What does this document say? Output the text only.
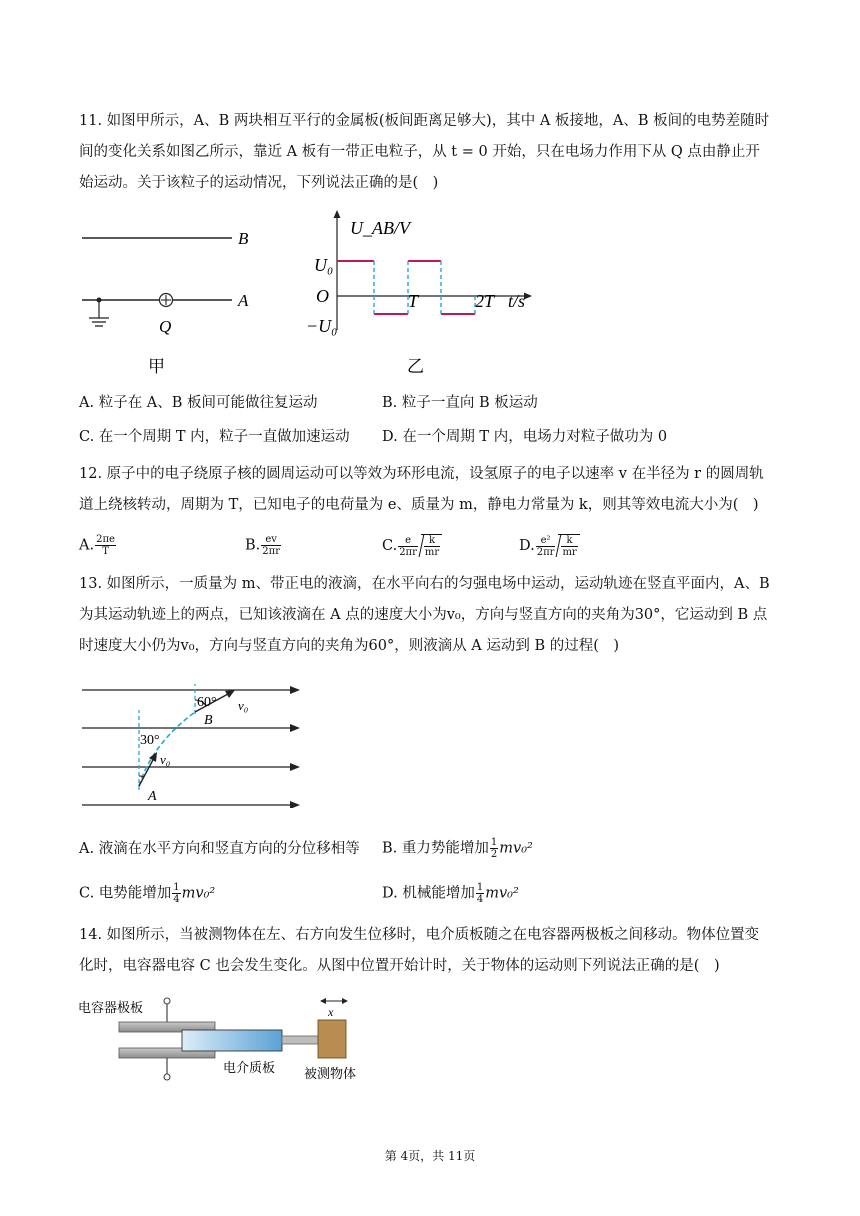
11. 如图甲所示，A、B 两块相互平行的金属板(板间距离足够大)，其中 A 板接地，A、B 板间的电势差随时
间的变化关系如图乙所示，靠近 A 板有一带正电粒子，从 t = 0 开始，只在电场力作用下从 Q 点由静止开
始运动。关于该粒子的运动情况，下列说法正确的是(　)
B
A
Q
甲
U_AB/V
U₀
−U₀
O	T	2T t/s
乙
A. 粒子在 A、B 板间可能做往复运动	B. 粒子一直向 B 板运动
C. 在一个周期 T 内，粒子一直做加速运动 D. 在一个周期 T 内，电场力对粒子做功为 0
12. 原子中的电子绕原子核的圆周运动可以等效为环形电流，设氢原子的电子以速率 v 在半径为 r 的圆周轨
道上绕核转动，周期为 T，已知电子的电荷量为 e、质量为 m，静电力常量为 k，则其等效电流大小为(　)
A. $\frac{2\pi e}{T}$	B. $\frac{ev}{2\pi r}$	C. $\frac{e}{2\pi r} \frac{k}{mr}$	D. $\frac{\text{e²}}{2\pi r} \frac{k}{mr}$
13. 如图所示，一质量为 m、带正电的液滴，在水平向右的匀强电场中运动，运动轨迹在竖直平面内，A、B
为其运动轨迹上的两点，已知该液滴在 A 点的速度大小为v₀，方向与竖直方向的夹角为30°，它运动到 B 点
时速度大小仍为v₀，方向与竖直方向的夹角为60°，则液滴从 A 运动到 B 的过程(　)
60°
30°
v₀
v₀
B
A
A. 液滴在水平方向和竖直方向的分位移相等 B. 重力势能增加 $\frac{1}{2} mv_0^2$
C. 电势能增加 $\frac{1}{4} mv_0^2$	D. 机械能增加 $\frac{1}{4} mv_0^2$
14. 如图所示，当被测物体在左、右方向发生位移时，电介质板随之在电容器两极板之间移动。物体位置变
化时，电容器电容 C 也会发生变化。从图中位置开始计时，关于物体的运动则下列说法正确的是(　)
电容器极板	x
电介质板 被测物体
第 4页，共 11页
